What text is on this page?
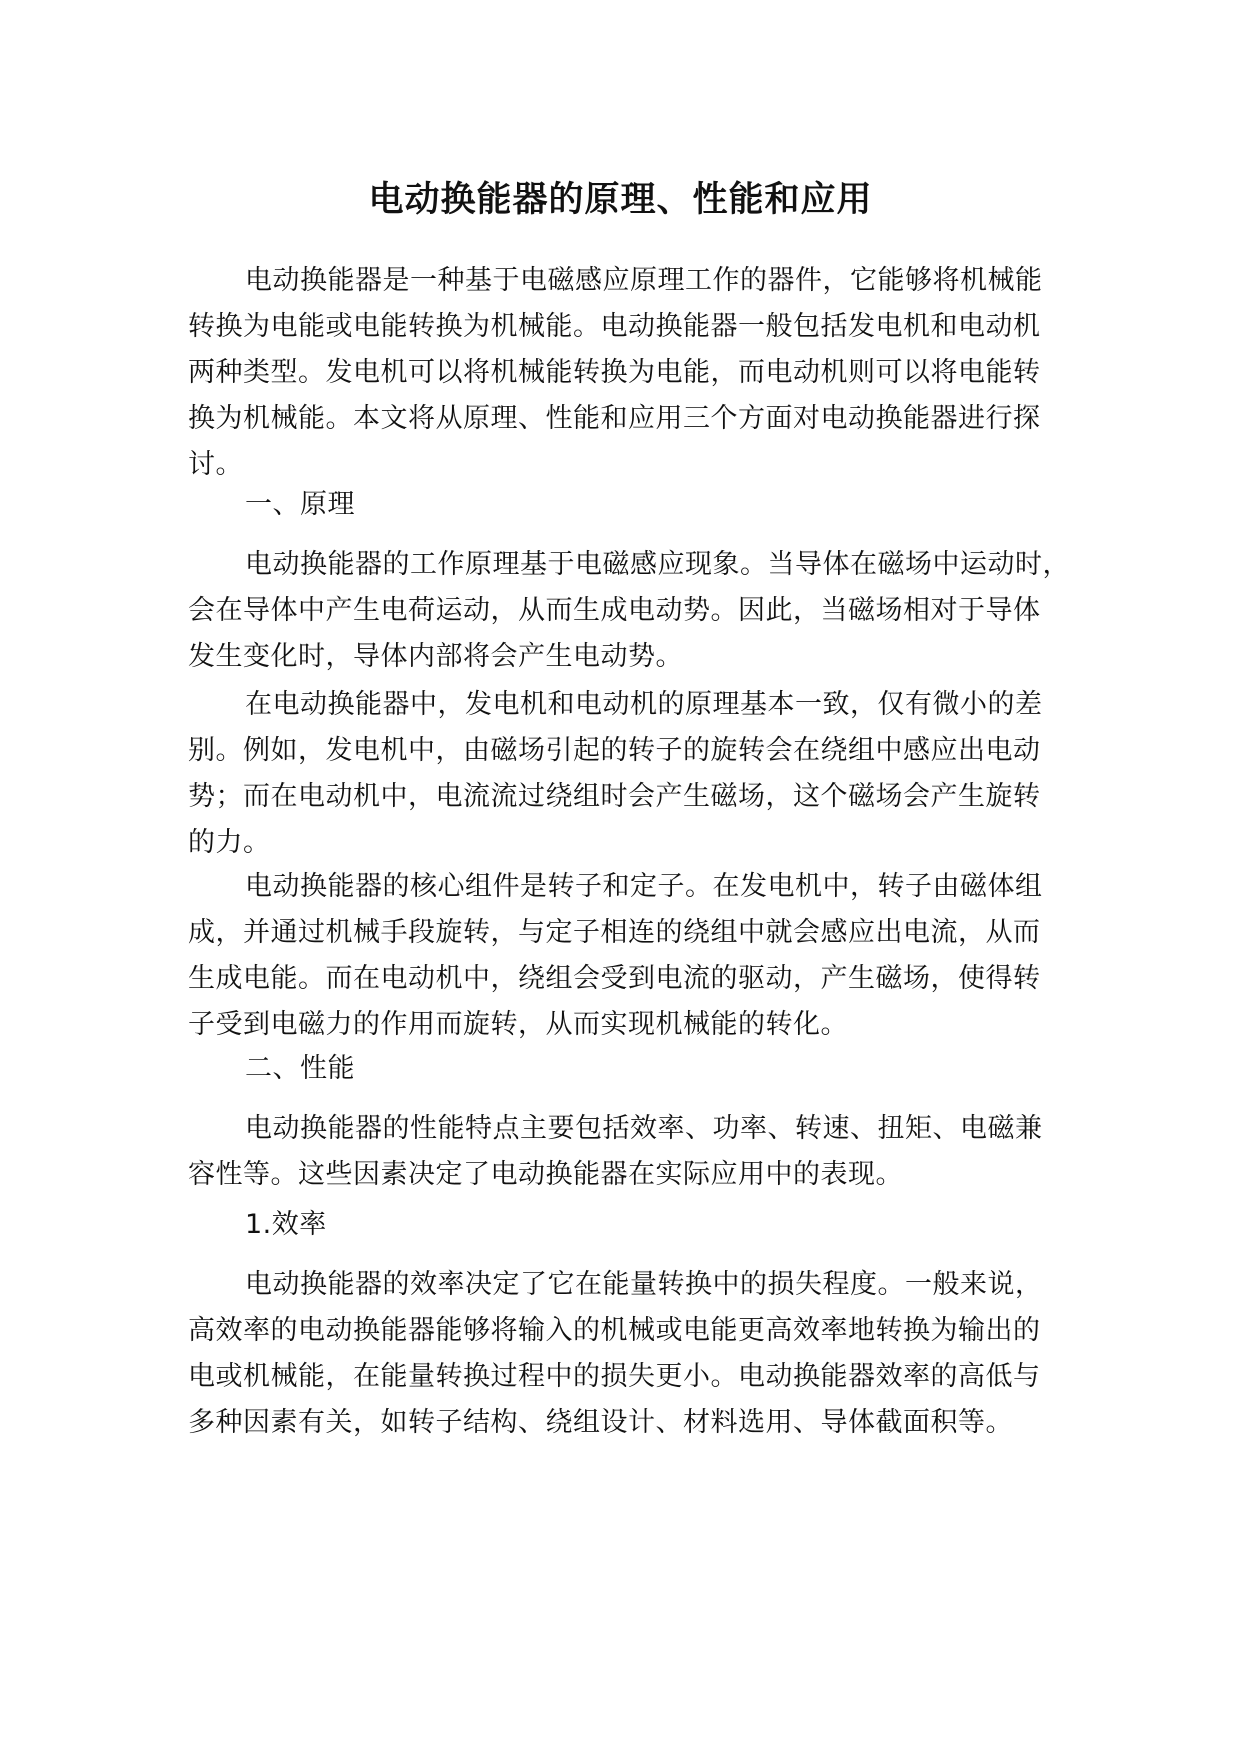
电动换能器的原理、性能和应用
电动换能器是一种基于电磁感应原理工作的器件，它能够将机械能
转换为电能或电能转换为机械能。电动换能器一般包括发电机和电动机
两种类型。发电机可以将机械能转换为电能，而电动机则可以将电能转
换为机械能。本文将从原理、性能和应用三个方面对电动换能器进行探
讨。
一、原理
电动换能器的工作原理基于电磁感应现象。当导体在磁场中运动时，
会在导体中产生电荷运动，从而生成电动势。因此，当磁场相对于导体
发生变化时，导体内部将会产生电动势。
在电动换能器中，发电机和电动机的原理基本一致，仅有微小的差
别。例如，发电机中，由磁场引起的转子的旋转会在绕组中感应出电动
势；而在电动机中，电流流过绕组时会产生磁场，这个磁场会产生旋转
的力。
电动换能器的核心组件是转子和定子。在发电机中，转子由磁体组
成，并通过机械手段旋转，与定子相连的绕组中就会感应出电流，从而
生成电能。而在电动机中，绕组会受到电流的驱动，产生磁场，使得转
子受到电磁力的作用而旋转，从而实现机械能的转化。
二、性能
电动换能器的性能特点主要包括效率、功率、转速、扭矩、电磁兼
容性等。这些因素决定了电动换能器在实际应用中的表现。
1.效率
电动换能器的效率决定了它在能量转换中的损失程度。一般来说，
高效率的电动换能器能够将输入的机械或电能更高效率地转换为输出的
电或机械能，在能量转换过程中的损失更小。电动换能器效率的高低与
多种因素有关，如转子结构、绕组设计、材料选用、导体截面积等。
